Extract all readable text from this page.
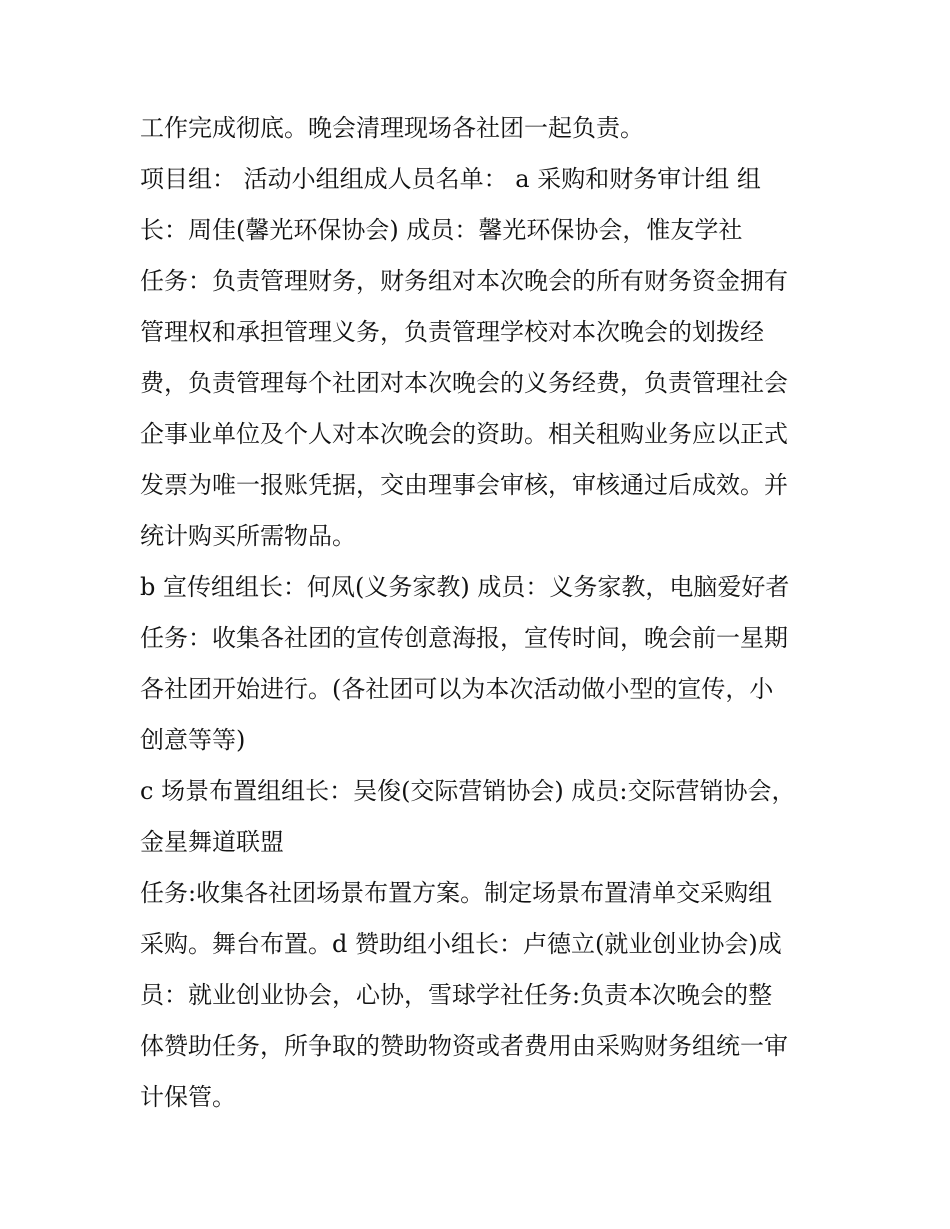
工作完成彻底。晚会清理现场各社团一起负责。
项目组： 活动小组组成人员名单： a 采购和财务审计组 组
长：周佳(馨光环保协会) 成员：馨光环保协会，惟友学社
任务：负责管理财务，财务组对本次晚会的所有财务资金拥有
管理权和承担管理义务，负责管理学校对本次晚会的划拨经
费，负责管理每个社团对本次晚会的义务经费，负责管理社会
企事业单位及个人对本次晚会的资助。相关租购业务应以正式
发票为唯一报账凭据，交由理事会审核，审核通过后成效。并
统计购买所需物品。
b 宣传组组长：何凤(义务家教) 成员：义务家教，电脑爱好者
任务：收集各社团的宣传创意海报，宣传时间，晚会前一星期
各社团开始进行。(各社团可以为本次活动做小型的宣传，小
创意等等)
c 场景布置组组长：吴俊(交际营销协会) 成员:交际营销协会，
金星舞道联盟
任务:收集各社团场景布置方案。制定场景布置清单交采购组
采购。舞台布置。d 赞助组小组长：卢德立(就业创业协会)成
员：就业创业协会，心协，雪球学社任务:负责本次晚会的整
体赞助任务，所争取的赞助物资或者费用由采购财务组统一审
计保管。
